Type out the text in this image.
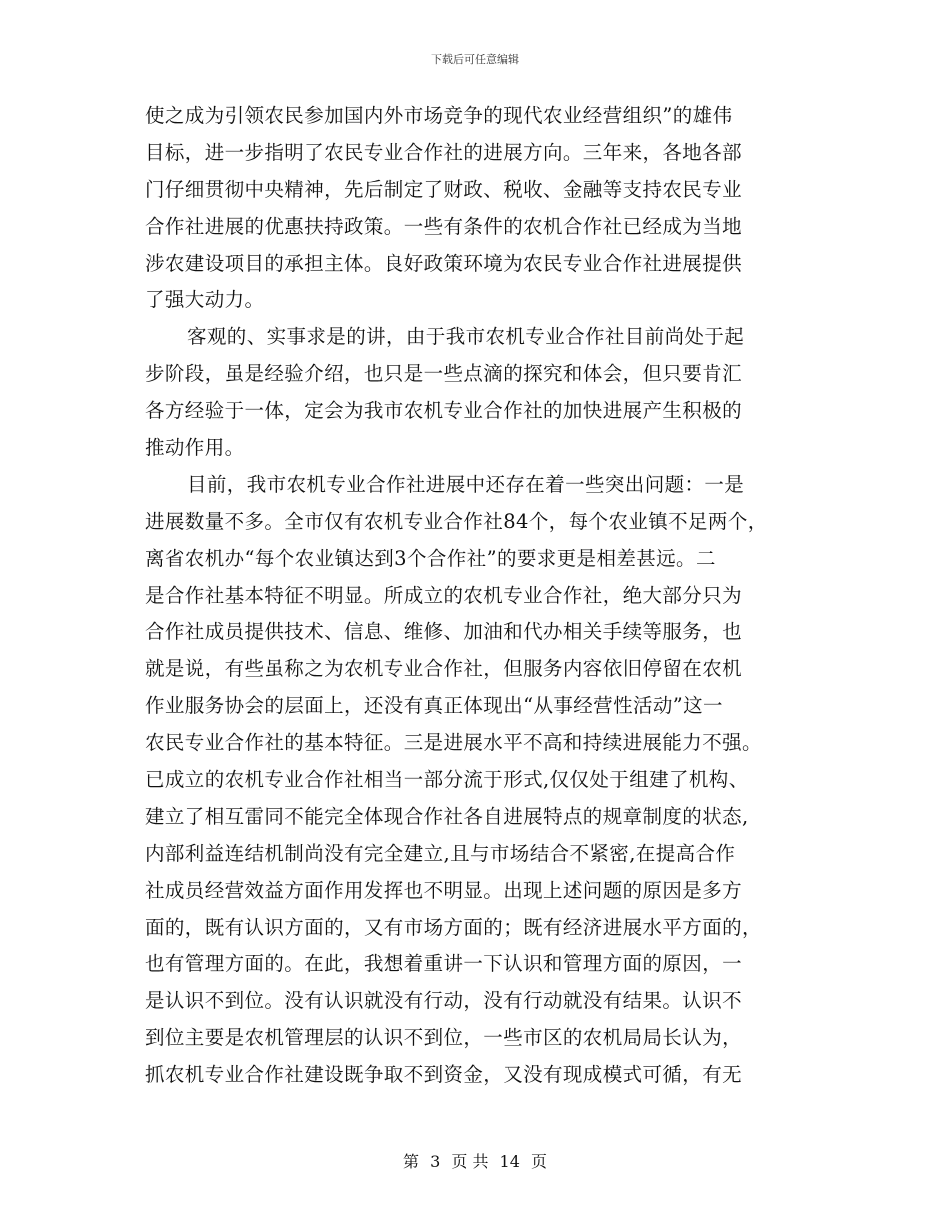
下载后可任意编辑
使之成为引领农民参加国内外市场竞争的现代农业经营组织”的雄伟
目标，进一步指明了农民专业合作社的进展方向。三年来，各地各部
门仔细贯彻中央精神，先后制定了财政、税收、金融等支持农民专业
合作社进展的优惠扶持政策。一些有条件的农机合作社已经成为当地
涉农建设项目的承担主体。良好政策环境为农民专业合作社进展提供
了强大动力。
客观的、实事求是的讲，由于我市农机专业合作社目前尚处于起
步阶段，虽是经验介绍，也只是一些点滴的探究和体会，但只要肯汇
各方经验于一体，定会为我市农机专业合作社的加快进展产生积极的
推动作用。
目前，我市农机专业合作社进展中还存在着一些突出问题：一是
进展数量不多。全市仅有农机专业合作社84个，每个农业镇不足两个，
离省农机办“每个农业镇达到3个合作社”的要求更是相差甚远。二
是合作社基本特征不明显。所成立的农机专业合作社，绝大部分只为
合作社成员提供技术、信息、维修、加油和代办相关手续等服务，也
就是说，有些虽称之为农机专业合作社，但服务内容依旧停留在农机
作业服务协会的层面上，还没有真正体现出“从事经营性活动”这一
农民专业合作社的基本特征。三是进展水平不高和持续进展能力不强。
已成立的农机专业合作社相当一部分流于形式,仅仅处于组建了机构、
建立了相互雷同不能完全体现合作社各自进展特点的规章制度的状态,
内部利益连结机制尚没有完全建立,且与市场结合不紧密,在提高合作
社成员经营效益方面作用发挥也不明显。出现上述问题的原因是多方
面的，既有认识方面的，又有市场方面的；既有经济进展水平方面的，
也有管理方面的。在此，我想着重讲一下认识和管理方面的原因，一
是认识不到位。没有认识就没有行动，没有行动就没有结果。认识不
到位主要是农机管理层的认识不到位，一些市区的农机局局长认为，
抓农机专业合作社建设既争取不到资金，又没有现成模式可循，有无
第 3 页 共 14 页
